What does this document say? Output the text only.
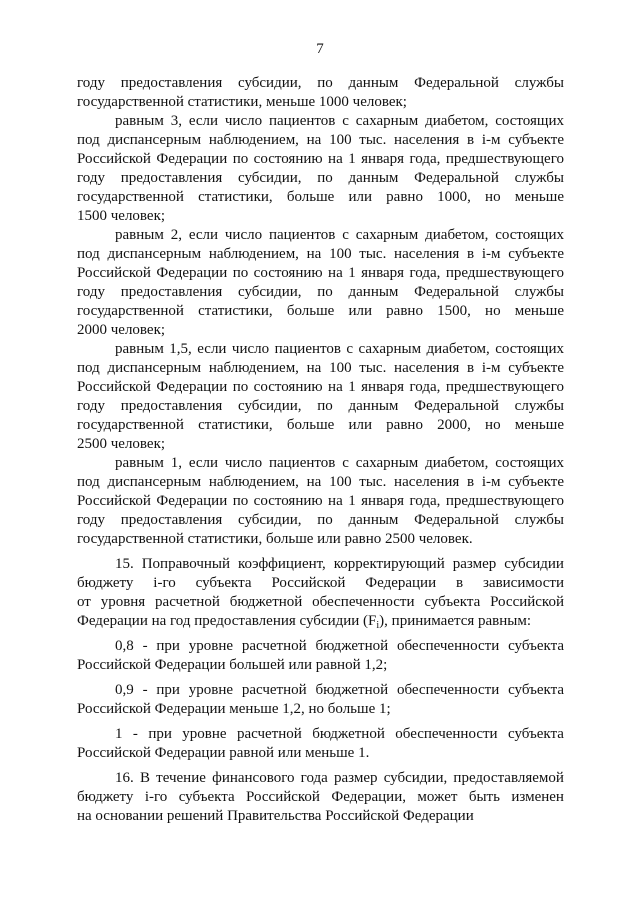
7
году предоставления субсидии, по данным Федеральной службы
государственной статистики, меньше 1000 человек;
равным 3, если число пациентов с сахарным диабетом, состоящих
под диспансерным наблюдением, на 100 тыс. населения в i-м субъекте
Российской Федерации по состоянию на 1 января года, предшествующего
году предоставления субсидии, по данным Федеральной службы
государственной статистики, больше или равно 1000, но меньше
1500 человек;
равным 2, если число пациентов с сахарным диабетом, состоящих
под диспансерным наблюдением, на 100 тыс. населения в i-м субъекте
Российской Федерации по состоянию на 1 января года, предшествующего
году предоставления субсидии, по данным Федеральной службы
государственной статистики, больше или равно 1500, но меньше
2000 человек;
равным 1,5, если число пациентов с сахарным диабетом, состоящих
под диспансерным наблюдением, на 100 тыс. населения в i-м субъекте
Российской Федерации по состоянию на 1 января года, предшествующего
году предоставления субсидии, по данным Федеральной службы
государственной статистики, больше или равно 2000, но меньше
2500 человек;
равным 1, если число пациентов с сахарным диабетом, состоящих
под диспансерным наблюдением, на 100 тыс. населения в i-м субъекте
Российской Федерации по состоянию на 1 января года, предшествующего
году предоставления субсидии, по данным Федеральной службы
государственной статистики, больше или равно 2500 человек.
15. Поправочный коэффициент, корректирующий размер субсидии
бюджету i-го субъекта Российской Федерации в зависимости
от уровня расчетной бюджетной обеспеченности субъекта Российской
Федерации на год предоставления субсидии $(F_i)$, принимается равным:
0,8 - при уровне расчетной бюджетной обеспеченности субъекта
Российской Федерации большей или равной 1,2;
0,9 - при уровне расчетной бюджетной обеспеченности субъекта
Российской Федерации меньше 1,2, но больше 1;
1 - при уровне расчетной бюджетной обеспеченности субъекта
Российской Федерации равной или меньше 1.
16. В течение финансового года размер субсидии, предоставляемой
бюджету i-го субъекта Российской Федерации, может быть изменен
на основании решений Правительства Российской Федерации
